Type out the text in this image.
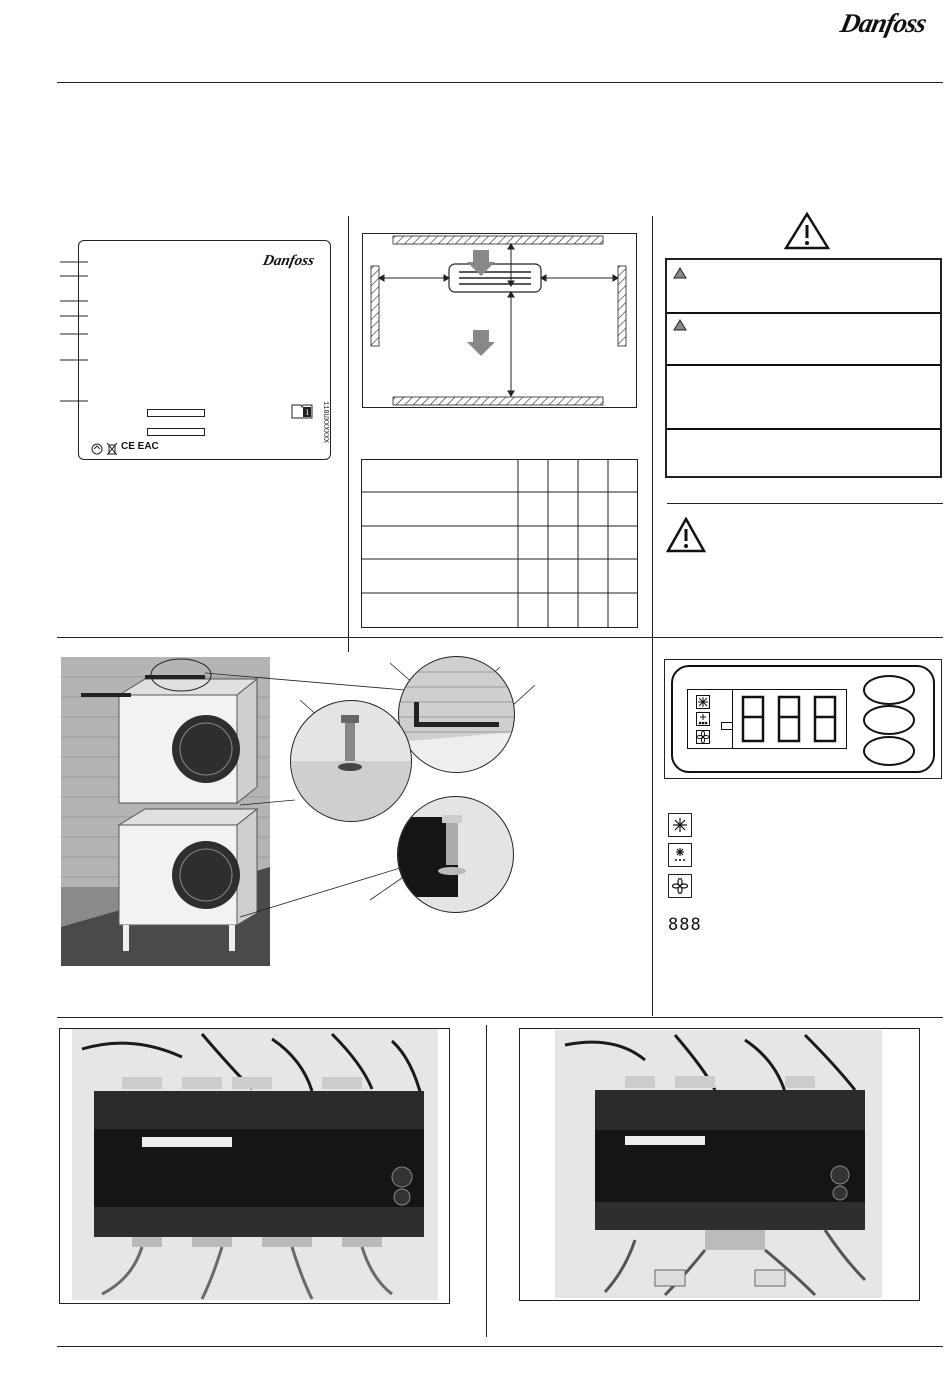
Danfoss
Danfoss
i 118UXXXXXX
CE EAC
888
